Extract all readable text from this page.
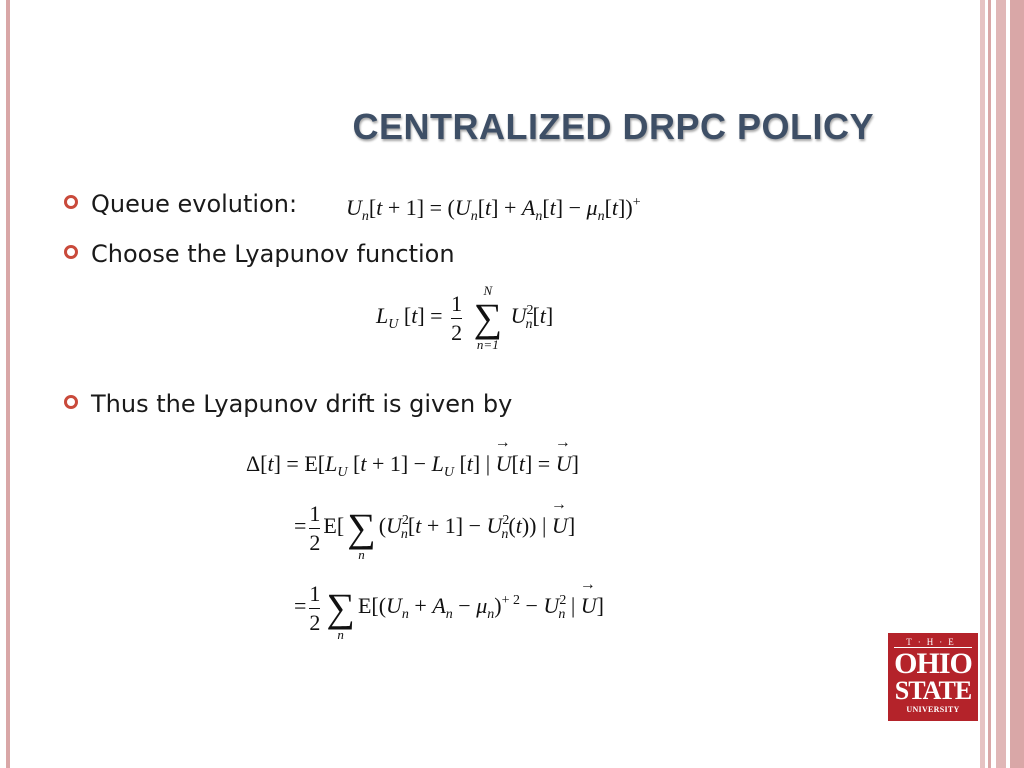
CENTRALIZED DRPC POLICY
Queue evolution: $U_n[t + 1] = (U_n[t] + A_n[t] - \mu_n[t])^+$
Choose the Lyapunov function
$L_U$ $[t] = \frac{1}{2}$
	N
∑
n=1
$U^2_n[t]$
Thus the Lyapunov drift is given by
$\Delta[t] = E[L_U$ $[t + 1] - L_U$ [t] | → U[t] = → U]
= $\frac{1}{2} E$[
∑
n
$(U^2_n[t + 1] - U^2_n(t))$ | → U]
= $\frac{1}{2}$
∑
n
$E[(U_n + A_n - \mu_n)^{+ 2} - U^2_n$ | → U]
T·H·E
OHIO
STATE
UNIVERSITY
